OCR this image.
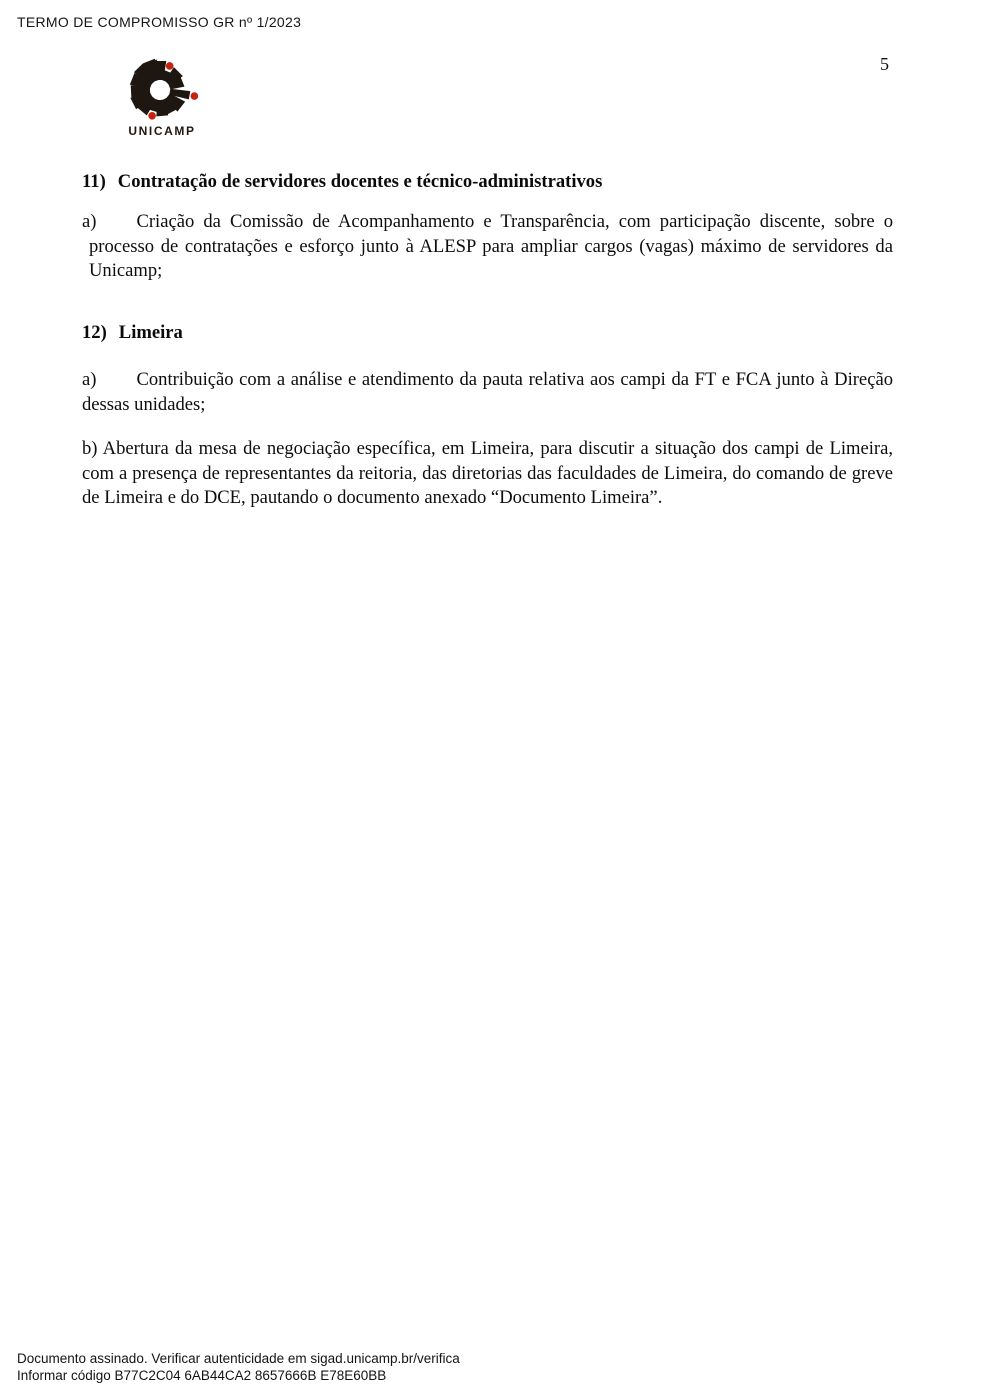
TERMO DE COMPROMISSO GR nº 1/2023
5
UNICAMP
11) Contratação de servidores docentes e técnico-administrativos

a) Criação da Comissão de Acompanhamento e Transparência, com participação discente, sobre o processo de contratações e esforço junto à ALESP para ampliar cargos (vagas) máximo de servidores da Unicamp;

12) Limeira

a) Contribuição com a análise e atendimento da pauta relativa aos campi da FT e FCA junto à Direção dessas unidades;

b) Abertura da mesa de negociação específica, em Limeira, para discutir a situação dos campi de Limeira, com a presença de representantes da reitoria, das diretorias das faculdades de Limeira, do comando de greve de Limeira e do DCE, pautando o documento anexado “Documento Limeira”.

Documento assinado. Verificar autenticidade em sigad.unicamp.br/verifica
Informar código B77C2C04 6AB44CA2 8657666B E78E60BB
